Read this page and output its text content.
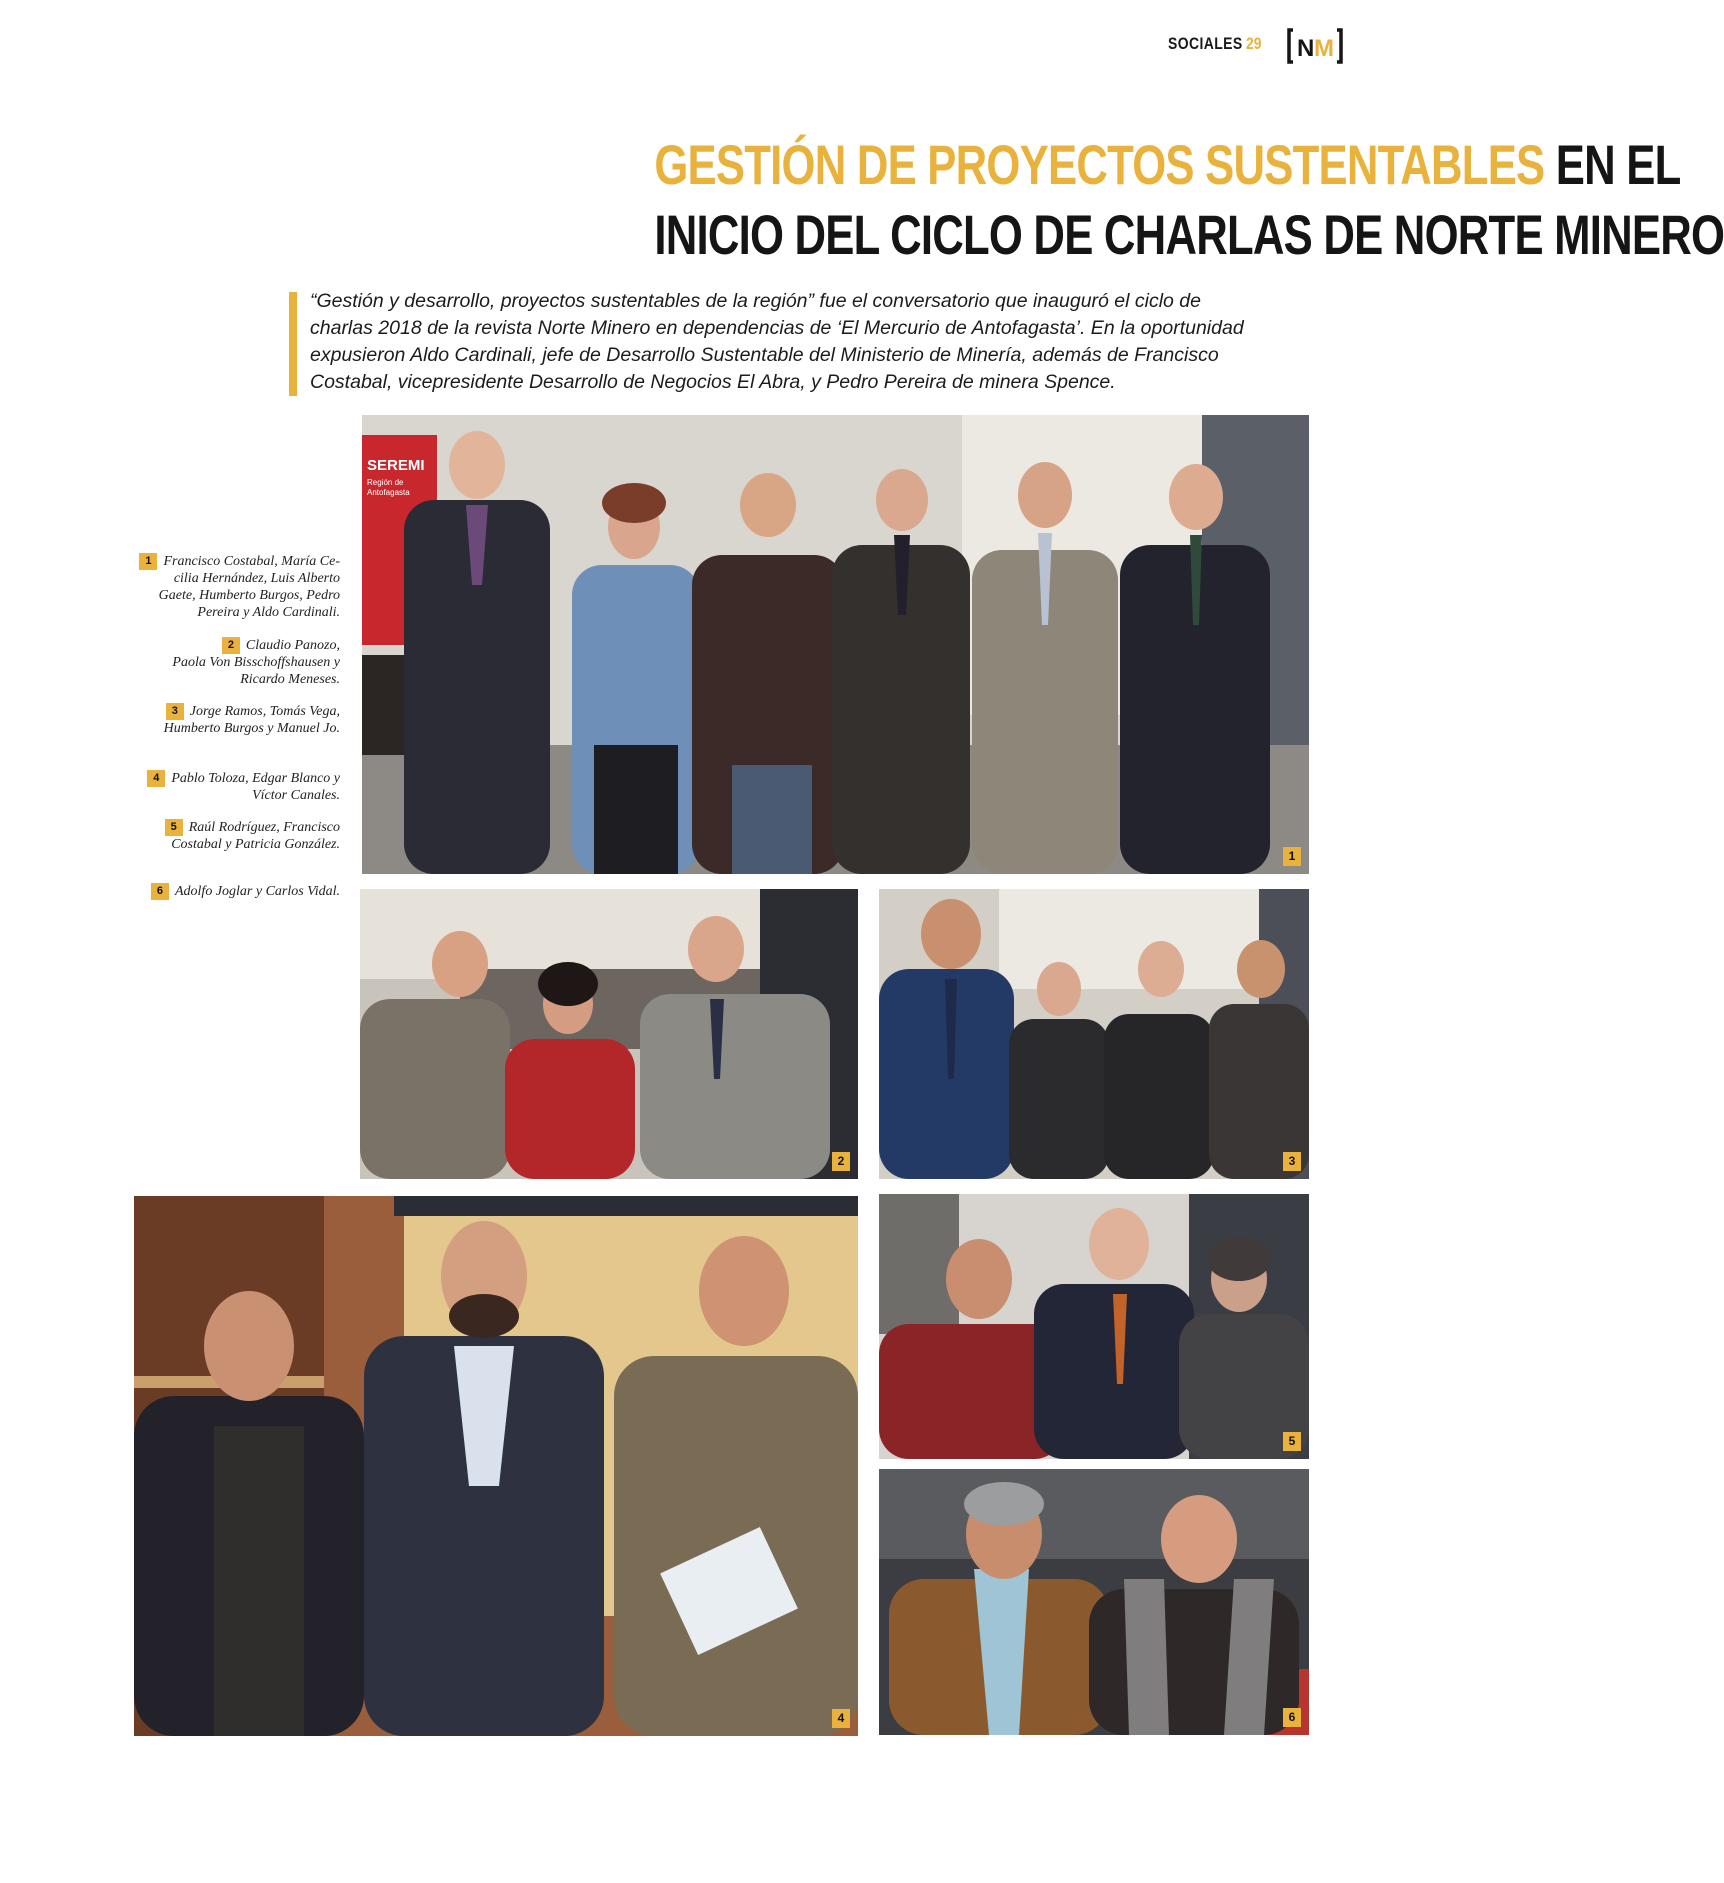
SOCIALES 29 N M
GESTIÓN DE PROYECTOS SUSTENTABLES EN EL
INICIO DEL CICLO DE CHARLAS DE NORTE MINERO
“Gestión y desarrollo, proyectos sustentables de la región” fue el conversatorio que inauguró el ciclo de
charlas 2018 de la revista Norte Minero en dependencias de ‘El Mercurio de Antofagasta’. En la oportunidad
expusieron Aldo Cardinali, jefe de Desarrollo Sustentable del Ministerio de Minería, además de Francisco
Costabal, vicepresidente Desarrollo de Negocios El Abra, y Pedro Pereira de minera Spence.
1 Francisco Costabal, María Ce-
cilia Hernández, Luis Alberto
Gaete, Humberto Burgos, Pedro
Pereira y Aldo Cardinali.
2 Claudio Panozo,
Paola Von Bisschoffshausen y
Ricardo Meneses.
3 Jorge Ramos, Tomás Vega,
Humberto Burgos y Manuel Jo.
4 Pablo Toloza, Edgar Blanco y
Víctor Canales.
5 Raúl Rodríguez, Francisco
Costabal y Patricia González.
6 Adolfo Joglar y Carlos Vidal.
SEREMI
Región de
Antofagasta
1
2	3
4
5
6
